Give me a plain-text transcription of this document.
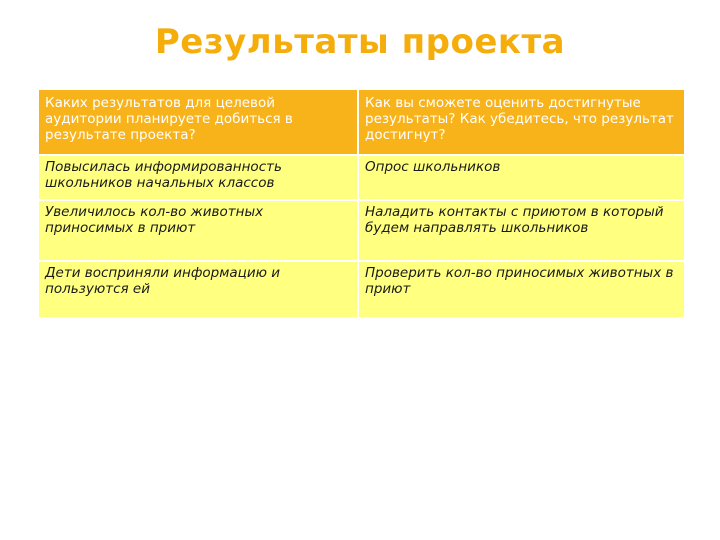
Результаты проекта
Каких результатов для целевой аудитории планируете добиться в результате проекта?	Как вы сможете оценить достигнутые результаты? Как убедитесь, что результат достигнут?
Повысилась информированность школьников начальных классов	Опрос школьников
Увеличилось кол-во животных приносимых в приют	Наладить контакты с приютом в который будем направлять школьников
Дети восприняли информацию и пользуются ей	Проверить кол-во приносимых животных в приют
